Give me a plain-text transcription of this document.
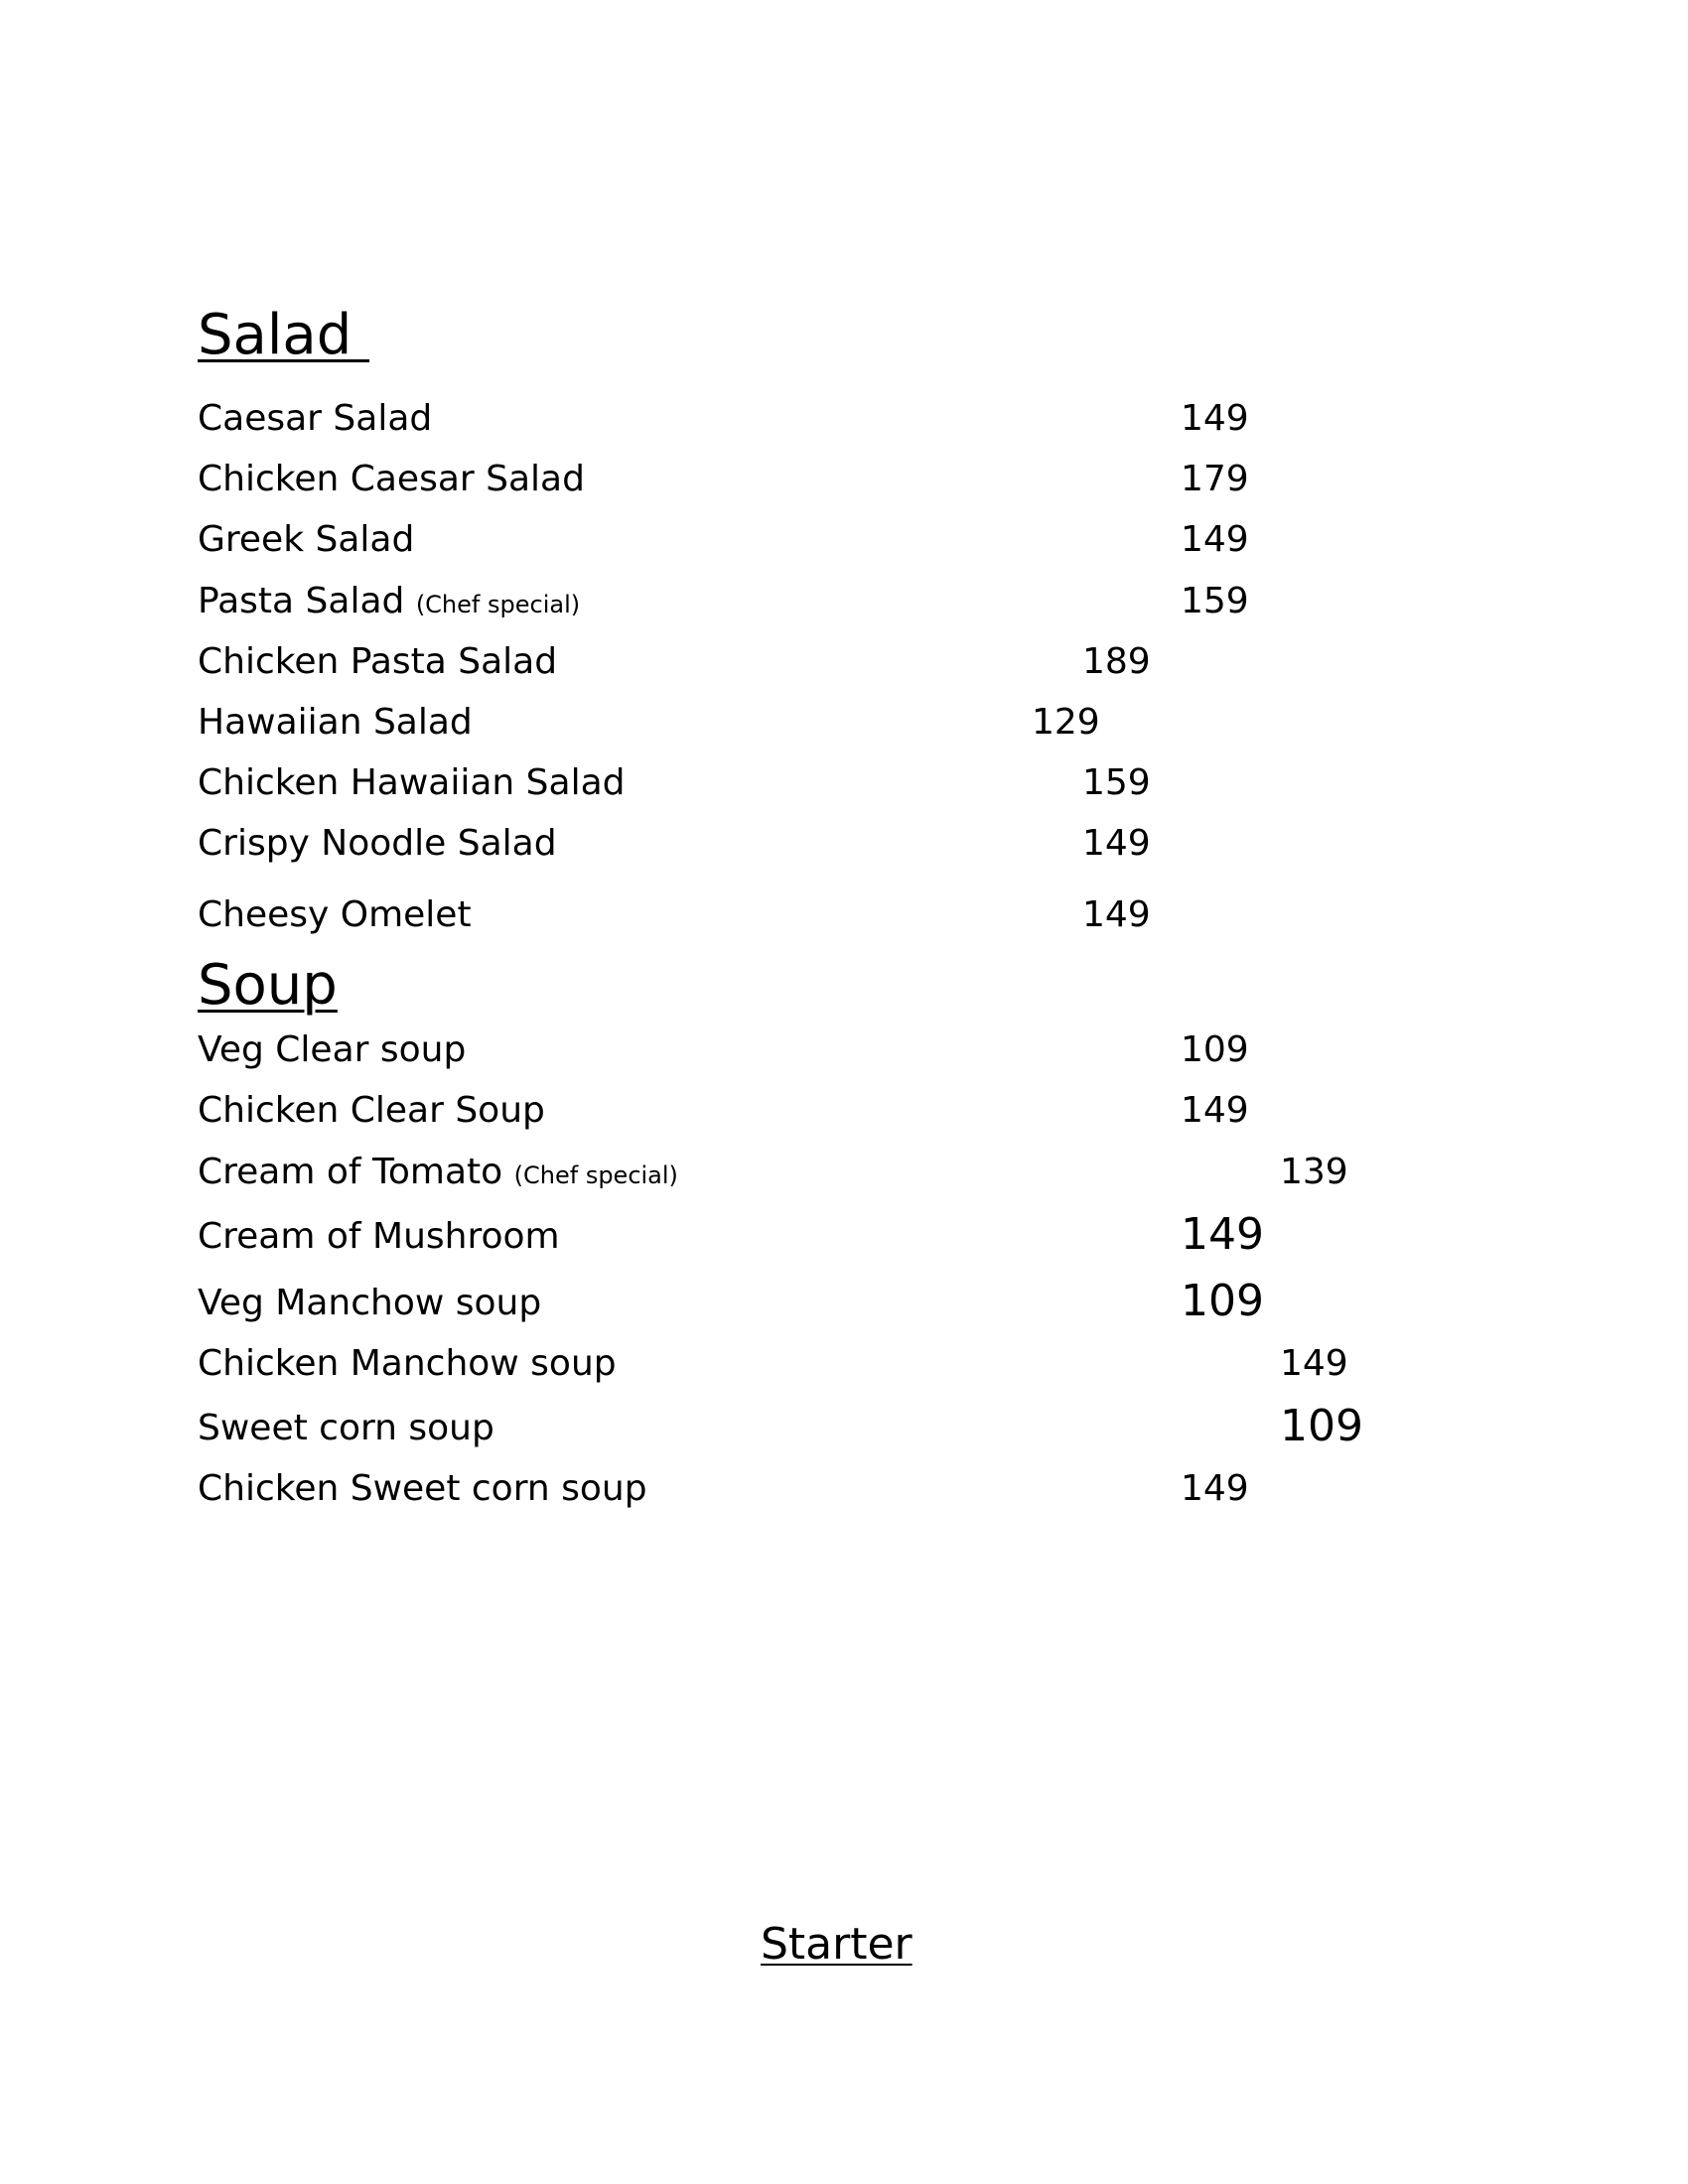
Salad
Caesar Salad	149
Chicken Caesar Salad	179
Greek Salad	149
Pasta Salad (Chef special)	159
Chicken Pasta Salad	189
Hawaiian Salad	129
Chicken Hawaiian Salad	159
Crispy Noodle Salad	149
Cheesy Omelet	149
Soup
Veg Clear soup	109
Chicken Clear Soup	149
Cream of Tomato (Chef special)	139
Cream of Mushroom	149
Veg Manchow soup	109
Chicken Manchow soup	149
Sweet corn soup	109
Chicken Sweet corn soup	149
Starter
